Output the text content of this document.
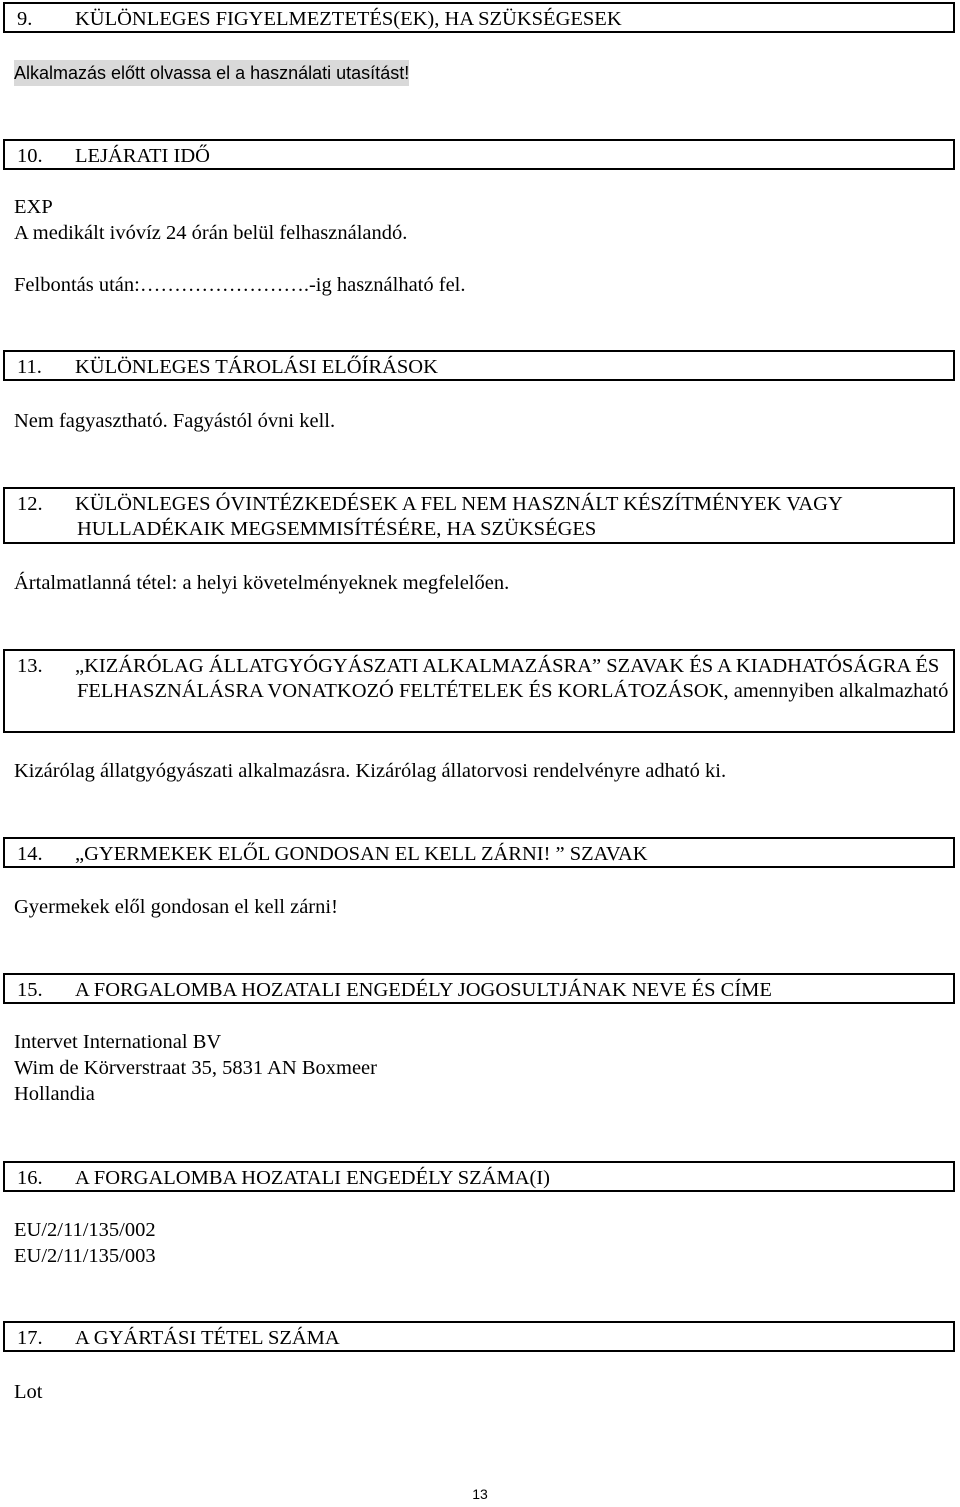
9. KÜLÖNLEGES FIGYELMEZTETÉS(EK), HA SZÜKSÉGESEK
Alkalmazás előtt olvassa el a használati utasítást!
10. LEJÁRATI IDŐ
EXP
A medikált ivóvíz 24 órán belül felhasználandó.
Felbontás után:…………………….-ig használható fel.
11. KÜLÖNLEGES TÁROLÁSI ELŐÍRÁSOK
Nem fagyasztható. Fagyástól óvni kell.
12. KÜLÖNLEGES ÓVINTÉZKEDÉSEK A FEL NEM HASZNÁLT KÉSZÍTMÉNYEK VAGY HULLADÉKAIK MEGSEMMISÍTÉSÉRE, HA SZÜKSÉGES
Ártalmatlanná tétel: a helyi követelményeknek megfelelően.
13. „KIZÁRÓLAG ÁLLATGYÓGYÁSZATI ALKALMAZÁSRA” SZAVAK ÉS A KIADHATÓSÁGRA ÉS FELHASZNÁLÁSRA VONATKOZÓ FELTÉTELEK ÉS KORLÁTOZÁSOK, amennyiben alkalmazható
Kizárólag állatgyógyászati alkalmazásra. Kizárólag állatorvosi rendelvényre adható ki.
14. „GYERMEKEK ELŐL GONDOSAN EL KELL ZÁRNI! ” SZAVAK
Gyermekek elől gondosan el kell zárni!
15. A FORGALOMBA HOZATALI ENGEDÉLY JOGOSULTJÁNAK NEVE ÉS CÍME
Intervet International BV
Wim de Körverstraat 35, 5831 AN Boxmeer
Hollandia
16. A FORGALOMBA HOZATALI ENGEDÉLY SZÁMA(I)
EU/2/11/135/002
EU/2/11/135/003
17. A GYÁRTÁSI TÉTEL SZÁMA
Lot
13
